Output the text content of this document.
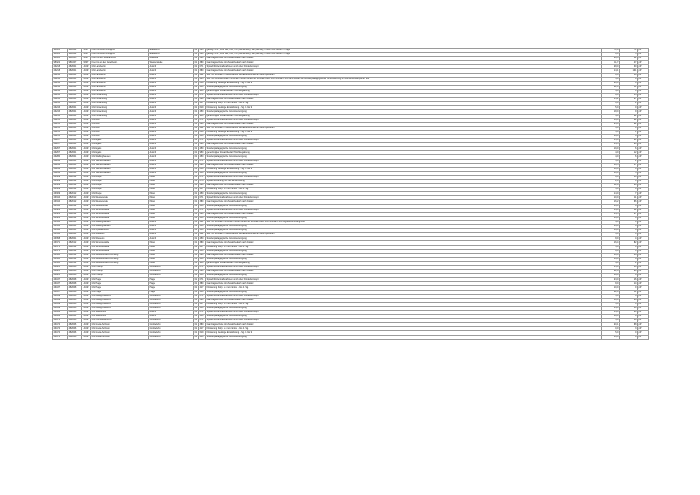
95461	951004	WST	Frei.UL Astrid Lindgren	Edewecht	01	363	geistig. Unt., FöS GB, KM, HÖ (Gehörlose), SE (Blinde); Hören und Sehen 3 Tage	71,0	71	pP
95461	951004	WST	Frei.UL Astrid Lindgren	Edewecht	01	364	geistig. Unt., FöS GB, KM, HÖ (Gehörlose), SE (Blinde); Hören und Sehen 3 Tage	0,0	5	pP
95465	951005	WST	Frei.UL am Südbahnhof	Rastede	01	380	Ganztagsschule mit Zusatzbedarf nach Faktor	28,6	32	pP
95322	951007	WST	Frei.UL an der Goethestr.	Westerstede	01	380	Ganztagsschule mit Zusatzbedarf nach Faktor	11,7	47	pP
23218	452001	AUR	GS Lambertin	Aurich	01	071	Sprachfördermaßnahmen und/ oder Förderkonzept	28,0	30	pP
23218	452001	AUR	GS Lambertin	Aurich	01	380	Ganztagsschule mit Zusatzbedarf nach Faktor	14,1	101	pP
23218	452001	AUR	GS Lambertin	Aurich	01	402	Std. für Schulen in besonderen sozialökonomischen Brennpunkten	0,0	10	pP
23218	452001	AUR	GS Lambertin	Aurich	01	403	Std. für Grundschulen mit einem hohen Anteil an Schülerinnen und Schülern mit dem Bedarf an sonderpädagogischer Unterstützung im Förderschwerpunkt "ES"	5,0	0	pP
23218	452001	AUR	GS Lambertin	Aurich	01	619	Förderung Geistige Entwicklung - Sg. 1 bis 9	20,0	0	pP
23218	452001	AUR	GS Lambertin	Aurich	01	450	Sonderpädagogische Grundversorgung	22,0	11	pP
23218	452001	AUR	GS Lambertin	Aurich	01	950	genehmigter Zusatzbedarf Hochbegabung	4,0	0	pP
23243	452001	AUR	GS Finkenburg	Aurich	01	071	Sprachfördermaßnahmen und/ oder Förderkonzept	8,0	13	pP
23243	452001	AUR	GS Finkenburg	Aurich	01	380	Ganztagsschule mit Zusatzbedarf nach Faktor	15,2	87	pP
23243	452001	AUR	GS Finkenburg	Aurich	01	417	Förderung Körp. u. mot. Entw. - bis 4. Sg.	0,0	2	pP
23243	452001	AUR	GS Finkenburg	Aurich	01	619	Förderung Geistige Entwicklung - Sg. 1 bis 9	5,0	0	pP
23243	452001	AUR	GS Finkenburg	Aurich	01	450	Sonderpädagogische Grundversorgung	18,0	9	pP
23243	452001	AUR	GS Finkenburg	Aurich	01	950	genehmigter Zusatzbedarf Hochbegabung	4,0	22	pP
23255	452001	AUR	GS Reil	Aurich	01	071	Sprachfördermaßnahmen und/ oder Förderkonzept	16,0	22	pP
23255	452001	AUR	GS Reil	Aurich	01	380	Ganztagsschule mit Zusatzbedarf nach Faktor	23,4	92	pP
23255	452001	AUR	GS Reil	Aurich	01	402	Std. für Schulen in besonderen sozialökonomischen Brennpunkten	3,0	0	pP
23255	452001	AUR	GS Reil	Aurich	01	619	Förderung Geistige Entwicklung - Sg. 1 bis 9	5,0	1	pP
23255	452001	AUR	GS Reil	Aurich	01	450	Sonderpädagogische Grundversorgung	19,0	8	pP
23267	452001	AUR	GS Egels	Aurich	01	071	Sprachfördermaßnahmen und/ oder Förderkonzept	15,0	21	pP
23267	452001	AUR	GS Egels	Aurich	01	380	Ganztagsschule mit Zusatzbedarf nach Faktor	14,3	90	pP
23267	452001	AUR	GS Egels	Aurich	01	450	Sonderpädagogische Grundversorgung	19,0	6	pP
23267	452001	AUR	GS Egels	Aurich	01	950	genehmigter Zusatzbedarf Hochbegabung	4,0	12	pP
23280	452001	AUR	GS Wallinghausen	Aurich	01	450	Sonderpädagogische Grundversorgung	4,0	6	pP
23292	452001	AUR	GS Tannenhausen	Aurich	01	071	Sprachfördermaßnahmen und/ oder Förderkonzept	5,0	2	pP
23292	452001	AUR	GS Tannenhausen	Aurich	01	380	Ganztagsschule mit Zusatzbedarf nach Faktor	10,5	37	pP
23292	452001	AUR	GS Tannenhausen	Aurich	01	619	Förderung Geistige Entwicklung - Sg. 1 bis 9	10,0	0	pP
23292	452001	AUR	GS Tannenhausen	Aurich	01	450	Sonderpädagogische Grundversorgung	10,0	5	pP
23309	452012	AUR	GS Riepe	Ihlow	01	071	Sprachfördermaßnahmen und/ oder Förderkonzept	8,0	10	pP
23309	452012	AUR	GS Riepe	Ihlow	01	076	Sprachförderung vor der Einschulung	2,0	0	pP
23309	452012	AUR	GS Riepe	Ihlow	01	380	Ganztagsschule mit Zusatzbedarf nach Faktor	12,9	60	pP
23309	452012	AUR	GS Riepe	Ihlow	01	417	Förderung Körp. u. mot. Entw. - bis 4. Sg.	5,0	0	pP
23309	452012	AUR	GS Riepe	Ihlow	01	450	Sonderpädagogische Grundversorgung	14,0	7	pP
23310	452012	AUR	GS Westerende	Ihlow	01	071	Sprachfördermaßnahmen und/ oder Förderkonzept	10,0	11	pP
23310	452012	AUR	GS Westerende	Ihlow	01	380	Ganztagsschule mit Zusatzbedarf nach Faktor	16,2	66	pP
23310	452012	AUR	GS Westerende	Ihlow	01	450	Sonderpädagogische Grundversorgung	16,0	8	pP
23322	452012	AUR	GS Simonswolde	Ihlow	01	071	Sprachfördermaßnahmen und/ oder Förderkonzept	14,0	12	pP
23322	452012	AUR	GS Simonswolde	Ihlow	01	380	Ganztagsschule mit Zusatzbedarf nach Faktor	14,5	67	pP
23322	452012	AUR	GS Simonswolde	Ihlow	01	450	Sonderpädagogische Grundversorgung	16,0	8	pP
23334	452001	AUR	GS Wallinghausen	Aurich	01	401	Std. für Schulen mit einem hohen Anteil an Schülerinnen und Schülern mit Migrationshintergrund	4,0	0	pP
23334	452001	AUR	GS Wallinghausen	Aurich	01	450	Sonderpädagogische Grundversorgung	16,0	8	pP
23346	452001	AUR	GS Upstalsboom	Aurich	01	450	Sonderpädagogische Grundversorgung	16,0	8	pP
23358	452001	AUR	GS Wiesens	Aurich	01	402	Std. für Schulen in besonderen sozialökonomischen Brennpunkten	3,0	0	pP
23358	452001	AUR	GS Wiesens	Aurich	01	450	Sonderpädagogische Grundversorgung	8,0	4	pP
23371	452012	AUR	GS Simonswolde	Ihlow	01	380	Ganztagsschule mit Zusatzbedarf nach Faktor	16,4	82	pP
23371	452012	AUR	GS Simonswolde	Ihlow	01	417	Förderung Körp. u. mot. Entw. - bis 4. Sg.	5,0	0	pP
23371	452012	AUR	GS Simonswolde	Ihlow	01	450	Sonderpädagogische Grundversorgung	8,0	4	pP
23395	452012	AUR	GS Westerende-Kirchloog	Ihlow	01	380	Ganztagsschule mit Zusatzbedarf nach Faktor	10,4	46	pP
23395	452012	AUR	GS Westerende-Kirchloog	Ihlow	01	450	Sonderpädagogische Grundversorgung	16,0	8	pP
23395	452012	AUR	GS Westerende-Kirchloog	Ihlow	01	950	genehmigter Zusatzbedarf Hochbegabung	4,0	2	pP
23425	452006	AUR	GS Holtrop	Großefehn	01	071	Sprachfördermaßnahmen und/ oder Förderkonzept	15,0	10	pP
23425	452006	AUR	GS Holtrop	Großefehn	01	380	Ganztagsschule mit Zusatzbedarf nach Faktor	22,8	80	pP
23425	452006	AUR	GS Holtrop	Großefehn	01	450	Sonderpädagogische Grundversorgung	18,0	9	pP
23437	452008	AUR	GS Hage	Hage	01	071	Sprachfördermaßnahmen und/ oder Förderkonzept	23,0	16	pP
23437	452008	AUR	GS Hage	Hage	01	380	Ganztagsschule mit Zusatzbedarf nach Faktor	8,0	14	pP
23437	452008	AUR	GS Hage	Hage	01	417	Förderung Körp. u. mot. Entw. - bis 4. Sg.	10,0	0	pP
23437	452008	AUR	GS Hage	Hage	01	450	Sonderpädagogische Grundversorgung	22,0	11	pP
23449	452006	AUR	GS Mittegroßefehn	Großefehn	01	071	Sprachfördermaßnahmen und/ oder Förderkonzept	5,0	6	pP
23449	452006	AUR	GS Mittegroßefehn	Großefehn	01	380	Ganztagsschule mit Zusatzbedarf nach Faktor	10,0	66	pP
23449	452006	AUR	GS Mittegroßefehn	Großefehn	01	417	Förderung Körp. u. mot. Entw. - bis 4. Sg.	5,0	0	pP
23449	452006	AUR	GS Mittegroßefehn	Großefehn	01	450	Sonderpädagogische Grundversorgung	14,0	14	pP
23462	452006	AUR	GS Sandhorst	Aurich	01	071	Sprachfördermaßnahmen und/ oder Förderkonzept	14,0	20	pP
23462	452001	AUR	GS Sandhorst	Aurich	01	450	Sonderpädagogische Grundversorgung	18,0	9	pP
23474	452006	AUR	GS Ostrhauderfehn	Großefehn	01	071	Sprachfördermaßnahmen und/ oder Förderkonzept	5,0	10	pP
23474	452006	AUR	GS Greta-Schoon	Großefehn	01	380	Ganztagsschule mit Zusatzbedarf nach Faktor	20,1	68	pP
23474	452006	AUR	GS Greta-Schoon	Großefehn	01	417	Förderung Körp. u. mot. Entw. - bis 4. Sg.	0,0	3	pP
23474	452006	AUR	GS Greta-Schoon	Großefehn	01	619	Förderung Geistige Entwicklung - Sg. 1 bis 9	5,0	0	pP
23474	452006	AUR	GS Greta-Schoon	Großefehn	01	450	Sonderpädagogische Grundversorgung	16,0	8	pP
